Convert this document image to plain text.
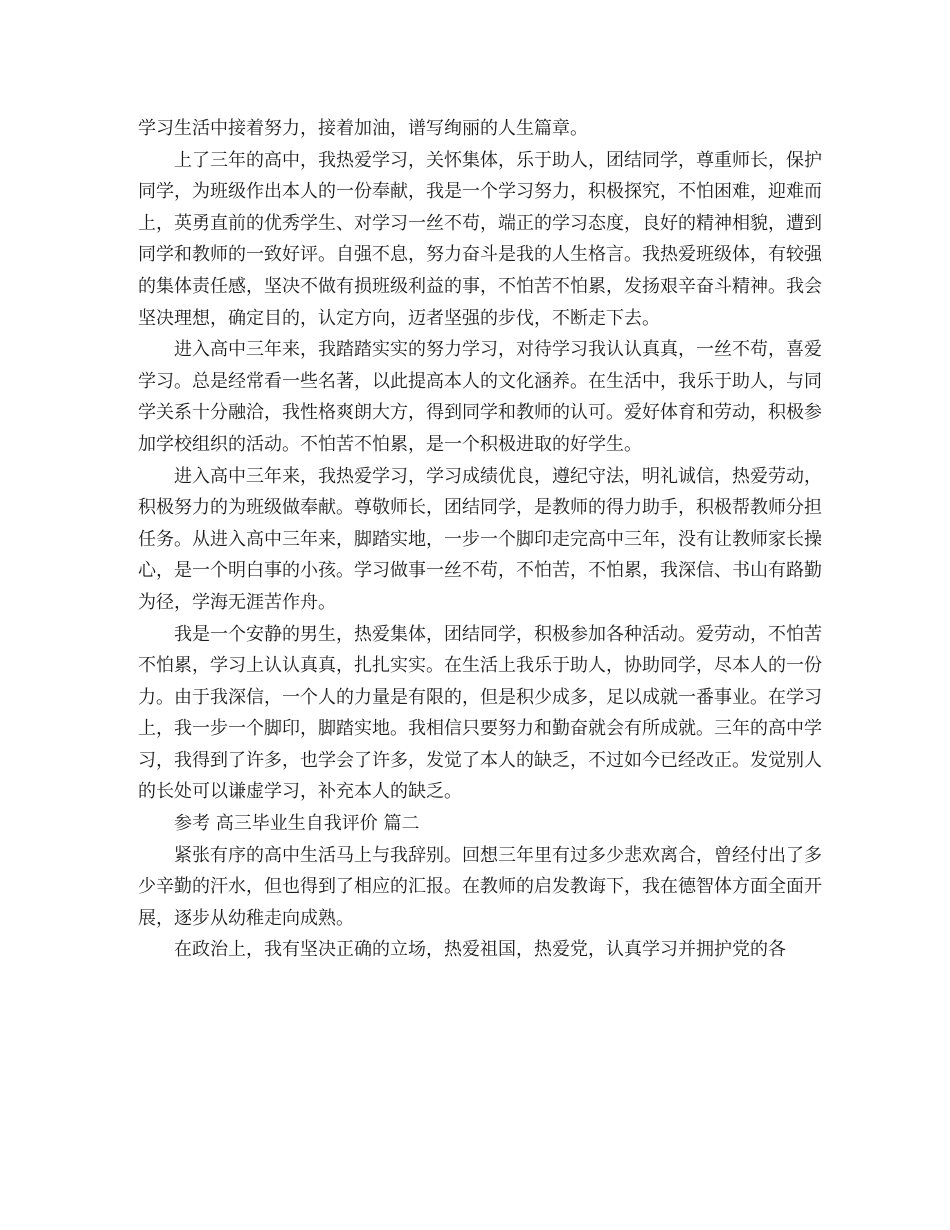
学习生活中接着努力，接着加油，谱写绚丽的人生篇章。

上了三年的高中，我热爱学习，关怀集体，乐于助人，团结同学，尊重师长，保护同学，为班级作出本人的一份奉献，我是一个学习努力，积极探究，不怕困难，迎难而上，英勇直前的优秀学生、对学习一丝不苟，端正的学习态度，良好的精神相貌，遭到同学和教师的一致好评。自强不息，努力奋斗是我的人生格言。我热爱班级体，有较强的集体责任感，坚决不做有损班级利益的事，不怕苦不怕累，发扬艰辛奋斗精神。我会坚决理想，确定目的，认定方向，迈者坚强的步伐，不断走下去。

进入高中三年来，我踏踏实实的努力学习，对待学习我认认真真，一丝不苟，喜爱学习。总是经常看一些名著，以此提高本人的文化涵养。在生活中，我乐于助人，与同学关系十分融洽，我性格爽朗大方，得到同学和教师的认可。爱好体育和劳动，积极参加学校组织的活动。不怕苦不怕累，是一个积极进取的好学生。

进入高中三年来，我热爱学习，学习成绩优良，遵纪守法，明礼诚信，热爱劳动，积极努力的为班级做奉献。尊敬师长，团结同学，是教师的得力助手，积极帮教师分担任务。从进入高中三年来，脚踏实地，一步一个脚印走完高中三年，没有让教师家长操心，是一个明白事的小孩。学习做事一丝不苟，不怕苦，不怕累，我深信、书山有路勤为径，学海无涯苦作舟。

我是一个安静的男生，热爱集体，团结同学，积极参加各种活动。爱劳动，不怕苦不怕累，学习上认认真真，扎扎实实。在生活上我乐于助人，协助同学，尽本人的一份力。由于我深信，一个人的力量是有限的，但是积少成多，足以成就一番事业。在学习上，我一步一个脚印，脚踏实地。我相信只要努力和勤奋就会有所成就。三年的高中学习，我得到了许多，也学会了许多，发觉了本人的缺乏，不过如今已经改正。发觉别人的长处可以谦虚学习，补充本人的缺乏。

参考 高三毕业生自我评价 篇二

紧张有序的高中生活马上与我辞别。回想三年里有过多少悲欢离合，曾经付出了多少辛勤的汗水，但也得到了相应的汇报。在教师的启发教诲下，我在德智体方面全面开展，逐步从幼稚走向成熟。

在政治上，我有坚决正确的立场，热爱祖国，热爱党，认真学习并拥护党的各
